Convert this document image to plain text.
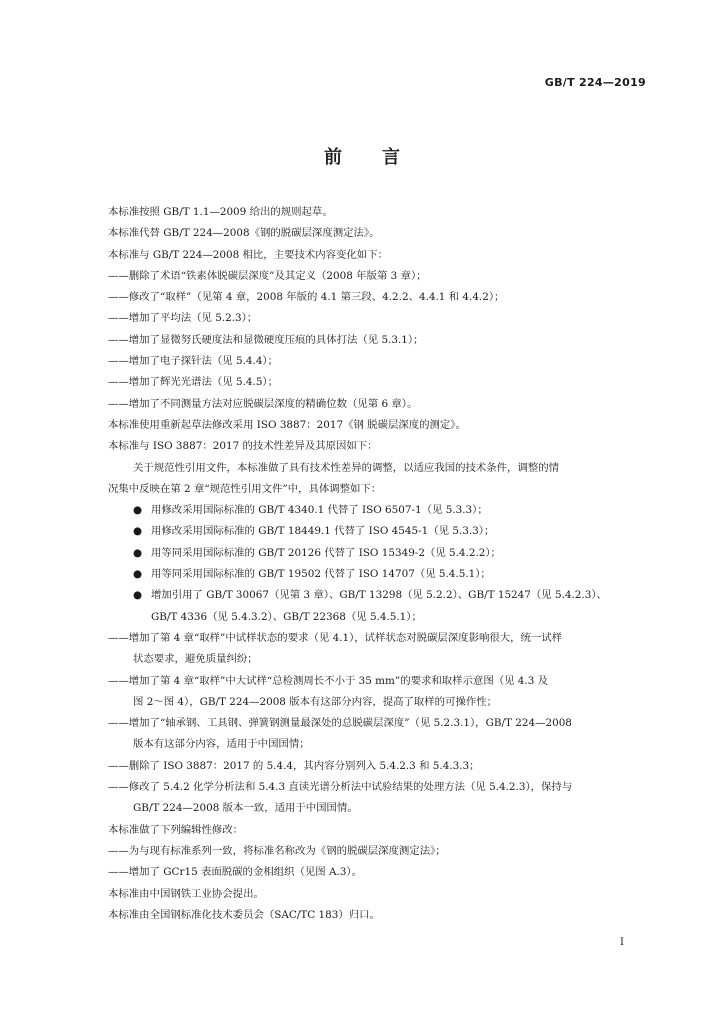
GB/T 224—2019
前言

本标准按照 GB/T 1.1—2009 给出的规则起草。

本标准代替 GB/T 224—2008《钢的脱碳层深度测定法》。

本标准与 GB/T 224—2008 相比，主要技术内容变化如下：

——删除了术语“铁素体脱碳层深度”及其定义（2008 年版第 3 章）；

——修改了“取样”（见第 4 章，2008 年版的 4.1 第三段、4.2.2、4.4.1 和 4.4.2）；

——增加了平均法（见 5.2.3）；

——增加了显微努氏硬度法和显微硬度压痕的具体打法（见 5.3.1）；

——增加了电子探针法（见 5.4.4）；

——增加了辉光光谱法（见 5.4.5）；

——增加了不同测量方法对应脱碳层深度的精确位数（见第 6 章）。

本标准使用重新起草法修改采用 ISO 3887：2017《钢 脱碳层深度的测定》。

本标准与 ISO 3887：2017 的技术性差异及其原因如下：

关于规范性引用文件，本标准做了具有技术性差异的调整，以适应我国的技术条件，调整的情

况集中反映在第 2 章“规范性引用文件”中，具体调整如下：

● 用修改采用国际标准的 GB/T 4340.1 代替了 ISO 6507-1（见 5.3.3）；

● 用修改采用国际标准的 GB/T 18449.1 代替了 ISO 4545-1（见 5.3.3）；

● 用等同采用国际标准的 GB/T 20126 代替了 ISO 15349-2（见 5.4.2.2）；

● 用等同采用国际标准的 GB/T 19502 代替了 ISO 14707（见 5.4.5.1）；

● 增加引用了 GB/T 30067（见第 3 章）、GB/T 13298（见 5.2.2）、GB/T 15247（见 5.4.2.3）、

GB/T 4336（见 5.4.3.2）、GB/T 22368（见 5.4.5.1）；

——增加了第 4 章“取样”中试样状态的要求（见 4.1），试样状态对脱碳层深度影响很大，统一试样

状态要求，避免质量纠纷；

——增加了第 4 章“取样”中大试样“总检测周长不小于 35 mm”的要求和取样示意图（见 4.3 及

图 2～图 4），GB/T 224—2008 版本有这部分内容，提高了取样的可操作性；

——增加了“轴承钢、工具钢、弹簧钢测量最深处的总脱碳层深度”（见 5.2.3.1），GB/T 224—2008

版本有这部分内容，适用于中国国情；

——删除了 ISO 3887：2017 的 5.4.4，其内容分别列入 5.4.2.3 和 5.4.3.3；

——修改了 5.4.2 化学分析法和 5.4.3 直读光谱分析法中试验结果的处理方法（见 5.4.2.3），保持与

GB/T 224—2008 版本一致，适用于中国国情。

本标准做了下列编辑性修改：

——为与现有标准系列一致，将标准名称改为《钢的脱碳层深度测定法》；

——增加了 GCr15 表面脱碳的金相组织（见图 A.3）。

本标准由中国钢铁工业协会提出。

本标准由全国钢标准化技术委员会（SAC/TC 183）归口。

I
